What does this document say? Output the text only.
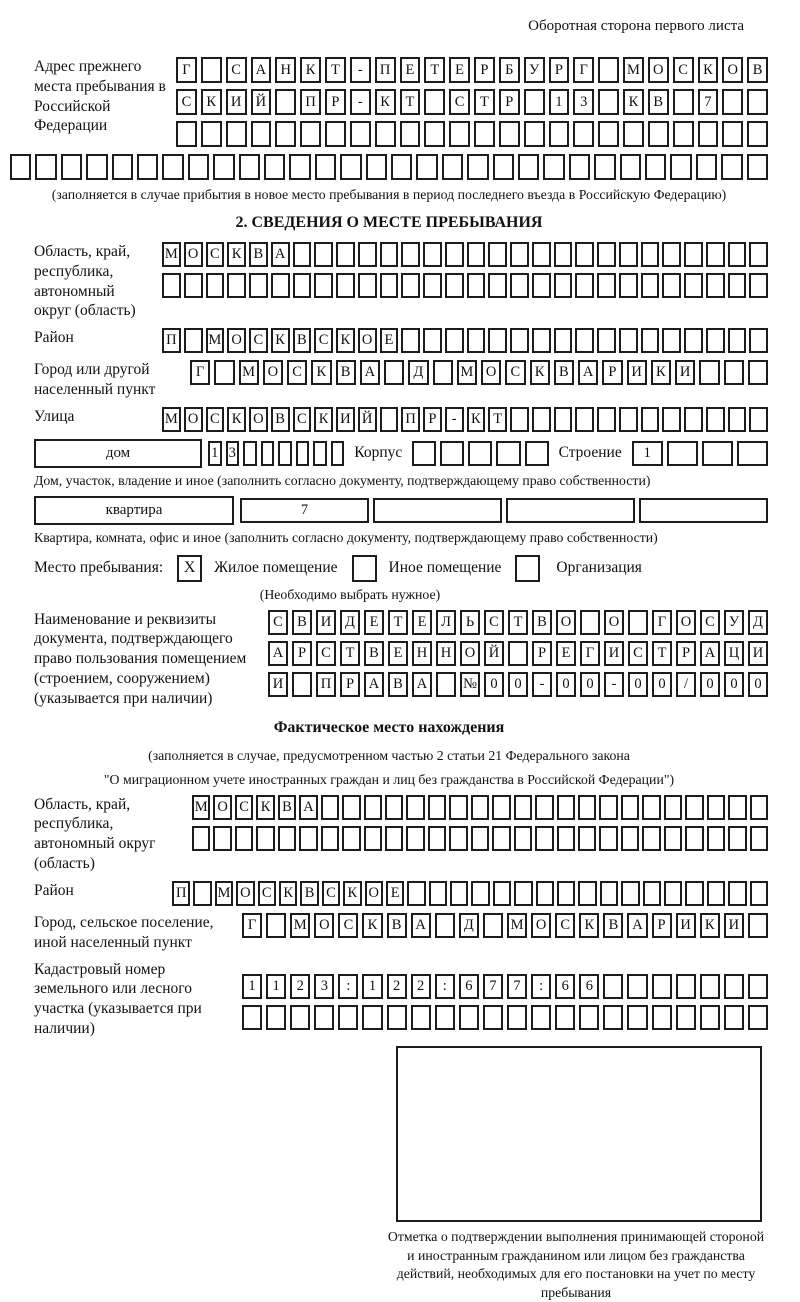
Оборотная сторона первого листа
Адрес прежнего места пребывания в Российской Федерации
Г	С	А Н	К	Т	-	П	Е	Т	Е	Р	Б	У	Р	Г	М О	С	К	О	В
С	К	И Й	П	Р	-	К	Т	С	Т	Р	1	3	К	В	7
(заполняется в случае прибытия в новое место пребывания в период последнего въезда в Российскую Федерацию)
2. СВЕДЕНИЯ О МЕСТЕ ПРЕБЫВАНИЯ
Область, край, республика, автономный округ (область)
М О С К В А
Район	П М О С К В С К О Е
Город или другой населенный пункт
Г	М О С	К	В А	Д	М О С	К	В А	Р	И К И
Улица	М О С К О В С К И Й П Р	- К Т
дом	1 3	Корпус	Строение	1
Дом, участок, владение и иное (заполнить согласно документу, подтверждающему право собственности)
квартира	7
Квартира, комната, офис и иное (заполнить согласно документу, подтверждающему право собственности)
Место пребывания:	X	Жилое помещение	Иное помещение	Организация
(Необходимо выбрать нужное)
Наименование и реквизиты документа, подтверждающего право пользования помещением (строением, сооружением) (указывается при наличии)
С В И Д	Е	Т	Е	Л	Ь	С	Т	В О	О	Г	О С У Д
А	Р	С	Т	В	Е Н Н О Й	Р	Е	Г	И С	Т	Р	А Ц И
И	П	Р	А В А	№ 0	0	-	0	0	-	0	0	/	0	0	0
Фактическое место нахождения
(заполняется в случае, предусмотренном частью 2 статьи 21 Федерального закона
"О миграционном учете иностранных граждан и лиц без гражданства в Российской Федерации")
Область, край, республика, автономный округ (область)
М О С К В А
Район	П М О С К В С К О Е
Город, сельское поселение, иной населенный пункт
Г	М О С К В А	Д	М О С К В А	Р	И К И
Кадастровый номер земельного или лесного участка (указывается при наличии)
1	1	2	3	:	1	2	2	:	6	7	7	:	6	6
Отметка о подтверждении выполнения принимающей стороной и иностранным гражданином или лицом без гражданства действий, необходимых для его постановки на учет по месту пребывания
